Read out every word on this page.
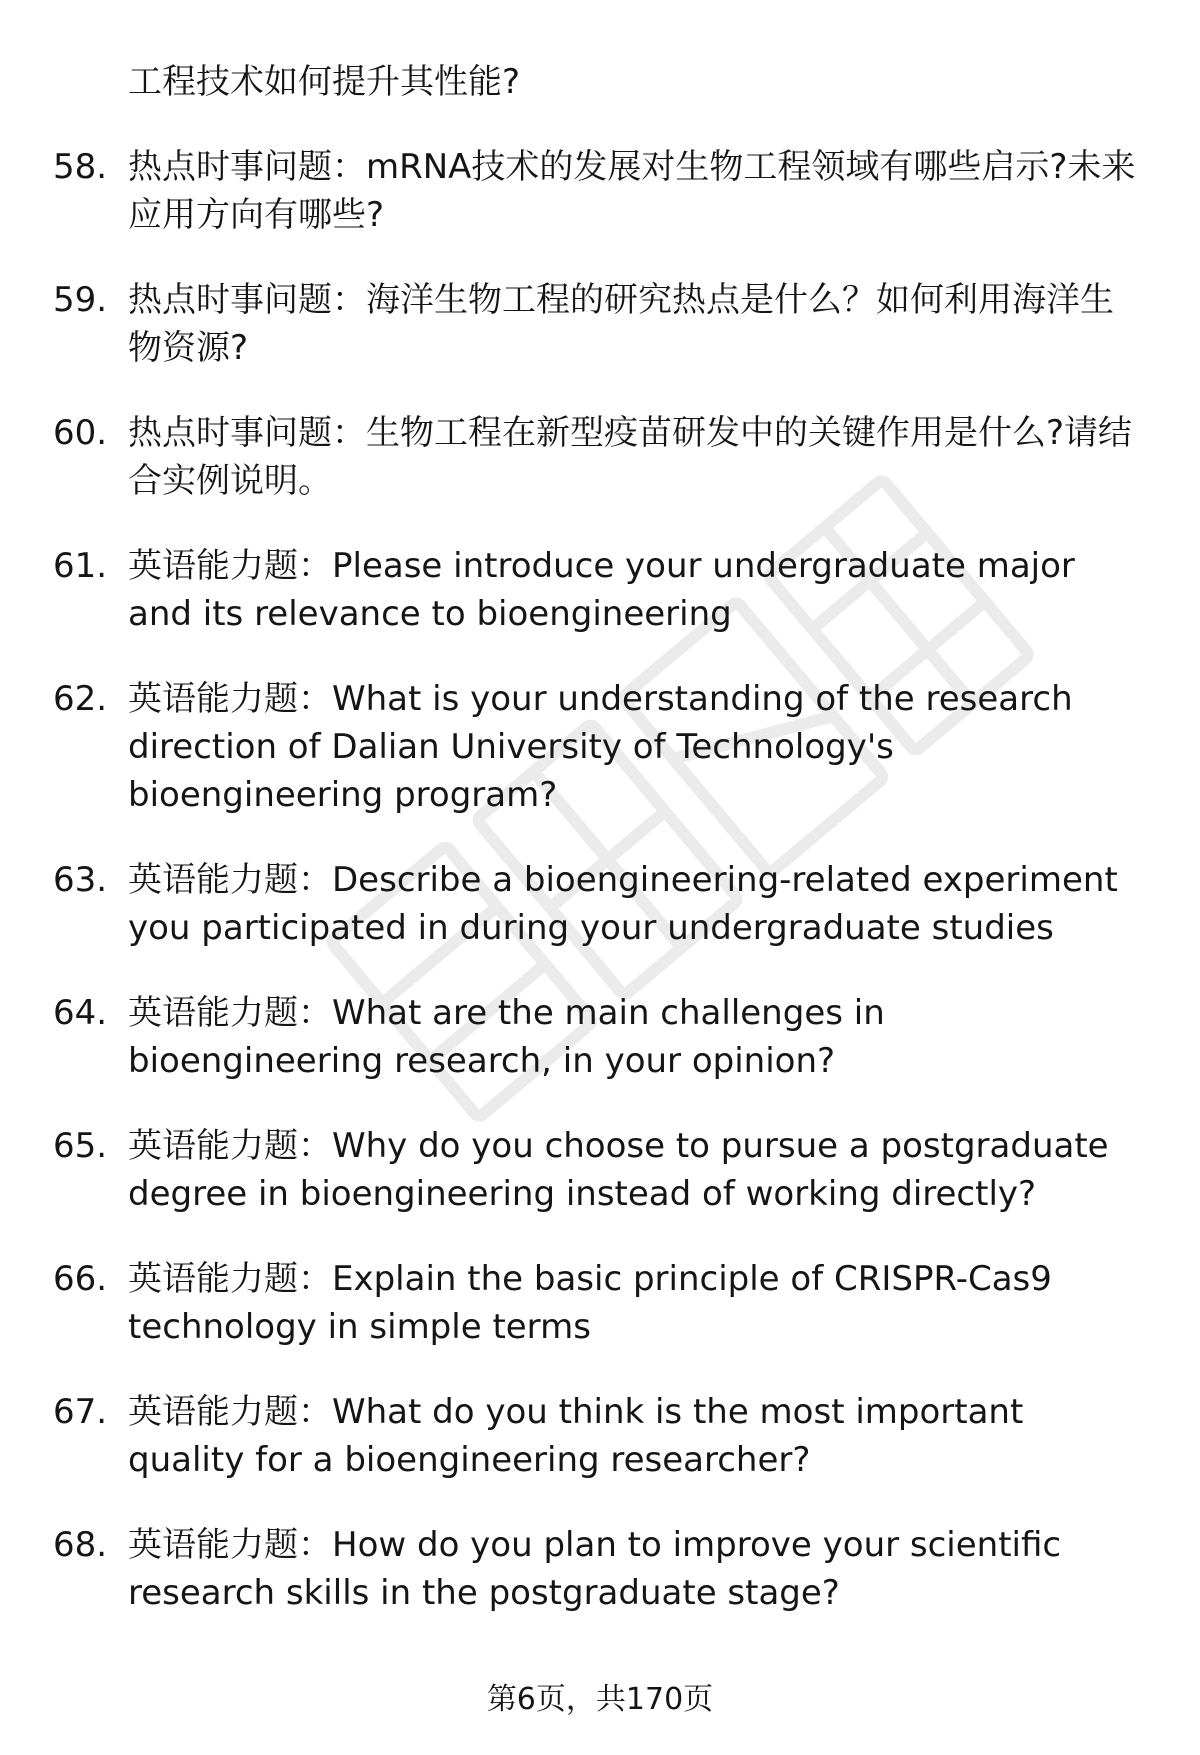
工程技术如何提升其性能?
58. 热点时事问题：mRNA技术的发展对生物工程领域有哪些启示?未来应用方向有哪些?
59. 热点时事问题：海洋生物工程的研究热点是什么？如何利用海洋生物资源?
60. 热点时事问题：生物工程在新型疫苗研发中的关键作用是什么?请结合实例说明。
61. 英语能力题：Please introduce your undergraduate major and its relevance to bioengineering
62. 英语能力题：What is your understanding of the research direction of Dalian University of Technology's bioengineering program?
63. 英语能力题：Describe a bioengineering-related experiment you participated in during your undergraduate studies
64. 英语能力题：What are the main challenges in bioengineering research, in your opinion?
65. 英语能力题：Why do you choose to pursue a postgraduate degree in bioengineering instead of working directly?
66. 英语能力题：Explain the basic principle of CRISPR-Cas9 technology in simple terms
67. 英语能力题：What do you think is the most important quality for a bioengineering researcher?
68. 英语能力题：How do you plan to improve your scientific research skills in the postgraduate stage?
第6页，共170页
